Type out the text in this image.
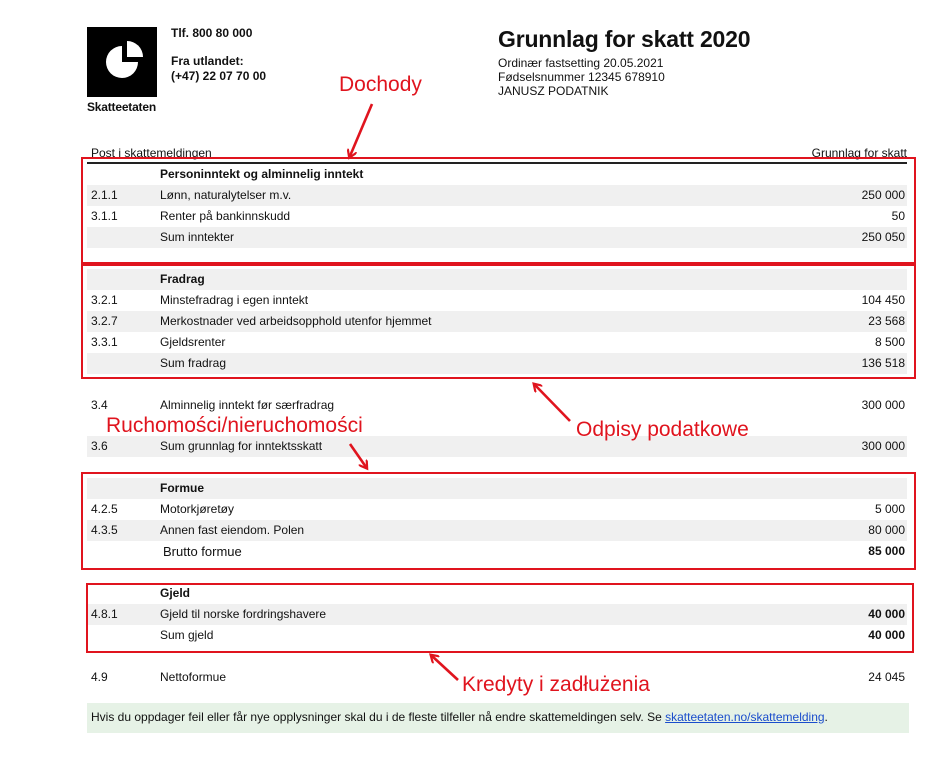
Skatteetaten
Tlf. 800 80 000
Fra utlandet:
(+47) 22 07 70 00
Grunnlag for skatt 2020
Ordinær fastsetting 20.05.2021
Fødselsnummer 12345 678910
JANUSZ PODATNIK
Post i skattemeldingen	Grunnlag for skatt
Personinntekt og alminnelig inntekt
2.1.1	Lønn, naturalytelser m.v.	250 000
3.1.1	Renter på bankinnskudd	50
Sum inntekter	250 050
Fradrag
3.2.1	Minstefradrag i egen inntekt	104 450
3.2.7	Merkostnader ved arbeidsopphold utenfor hjemmet	23 568
3.3.1	Gjeldsrenter	8 500
Sum fradrag	136 518
3.4	Alminnelig inntekt før særfradrag	300 000
3.6	Sum grunnlag for inntektsskatt	300 000
Formue
4.2.5	Motorkjøretøy	5 000
4.3.5	Annen fast eiendom. Polen	80 000
Brutto formue	85 000
Gjeld
4.8.1	Gjeld til norske fordringshavere	40 000
Sum gjeld	40 000
4.9	Nettoformue	24 045
Dochody
Odpisy podatkowe
Ruchomości/nieruchomości
Kredyty i zadłużenia
Hvis du oppdager feil eller får nye opplysninger skal du i de fleste tilfeller nå endre skattemeldingen selv. Se skatteetaten.no/skattemelding.
